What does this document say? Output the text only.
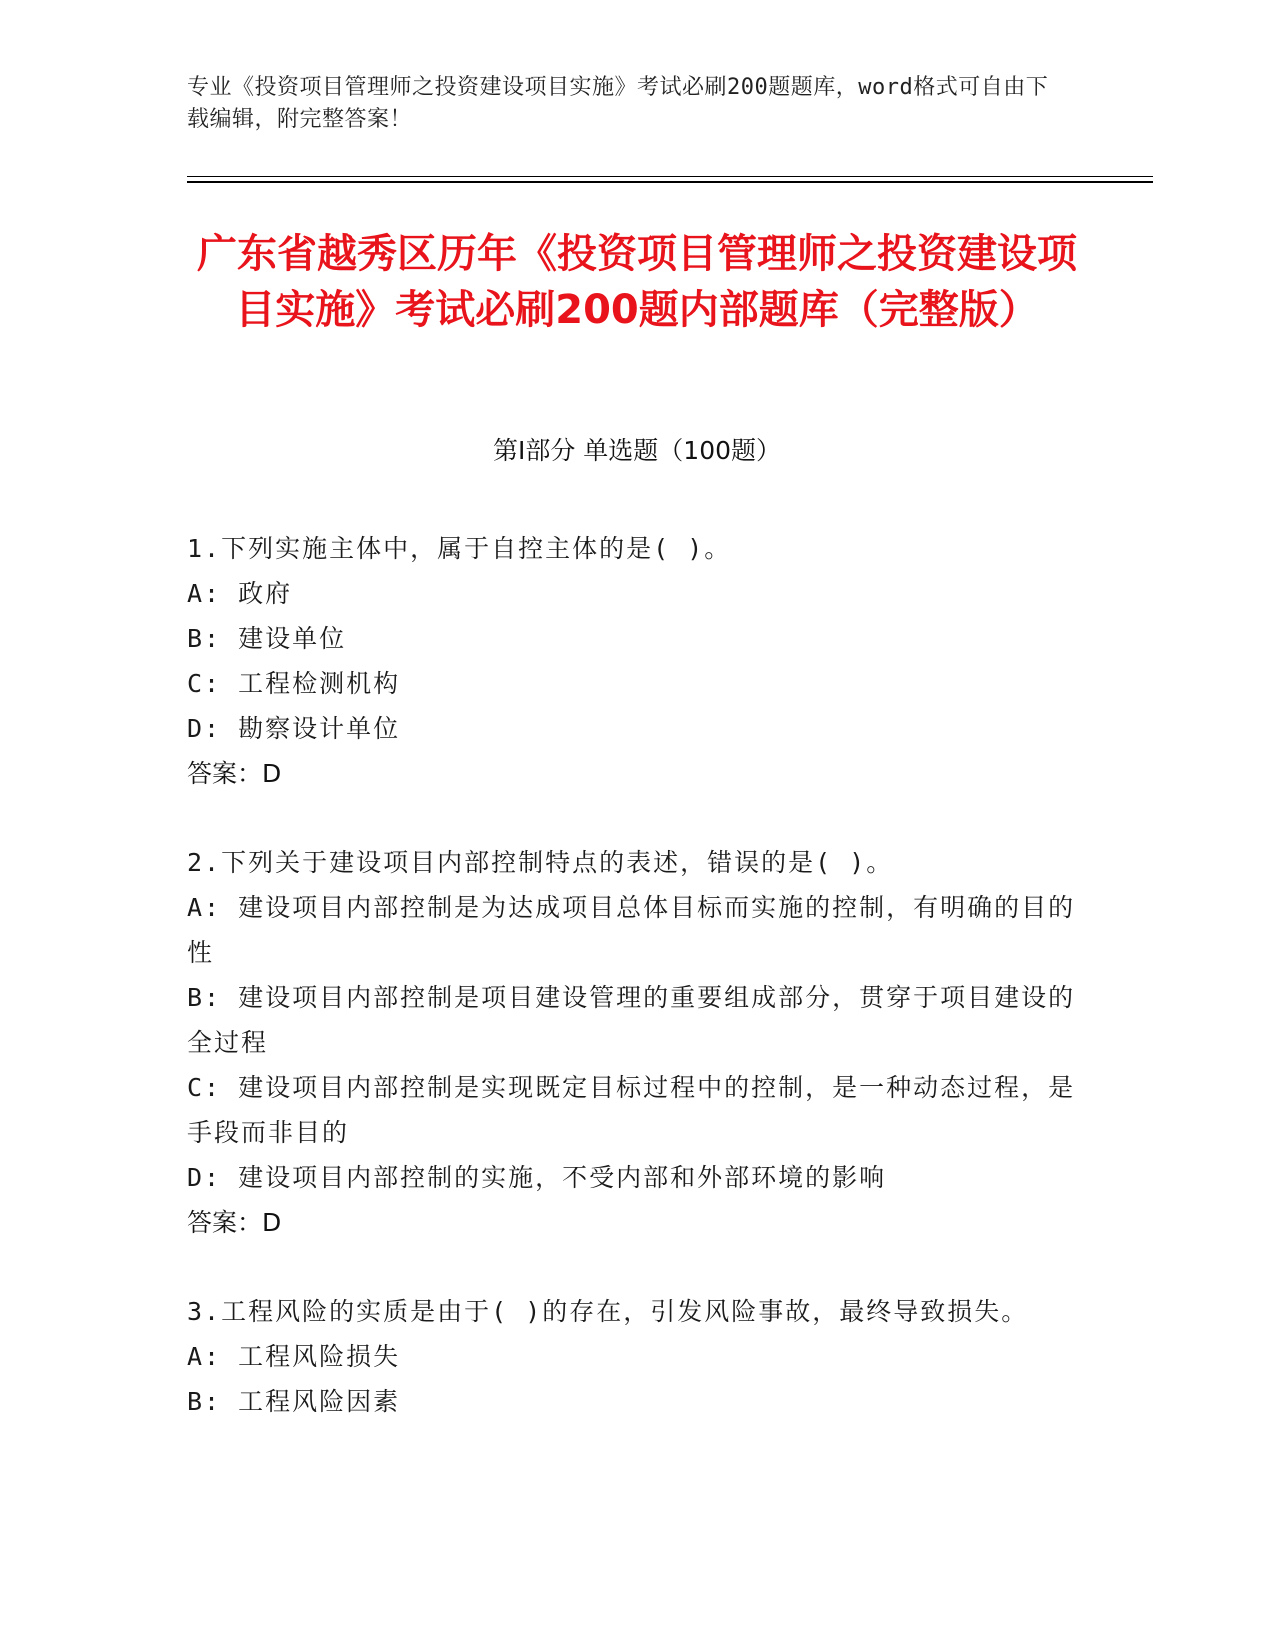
专业《投资项目管理师之投资建设项目实施》考试必刷200题题库，word格式可自由下载编辑，附完整答案！
广东省越秀区历年《投资项目管理师之投资建设项目实施》考试必刷200题内部题库（完整版）
第Ⅰ部分 单选题（100题）

1.下列实施主体中，属于自控主体的是( )。

A: 政府

B: 建设单位

C: 工程检测机构

D: 勘察设计单位

答案：D

2.下列关于建设项目内部控制特点的表述，错误的是( )。

A: 建设项目内部控制是为达成项目总体目标而实施的控制，有明确的目的性

B: 建设项目内部控制是项目建设管理的重要组成部分，贯穿于项目建设的全过程

C: 建设项目内部控制是实现既定目标过程中的控制，是一种动态过程，是手段而非目的

D: 建设项目内部控制的实施，不受内部和外部环境的影响

答案：D

3.工程风险的实质是由于( )的存在，引发风险事故，最终导致损失。

A: 工程风险损失

B: 工程风险因素
